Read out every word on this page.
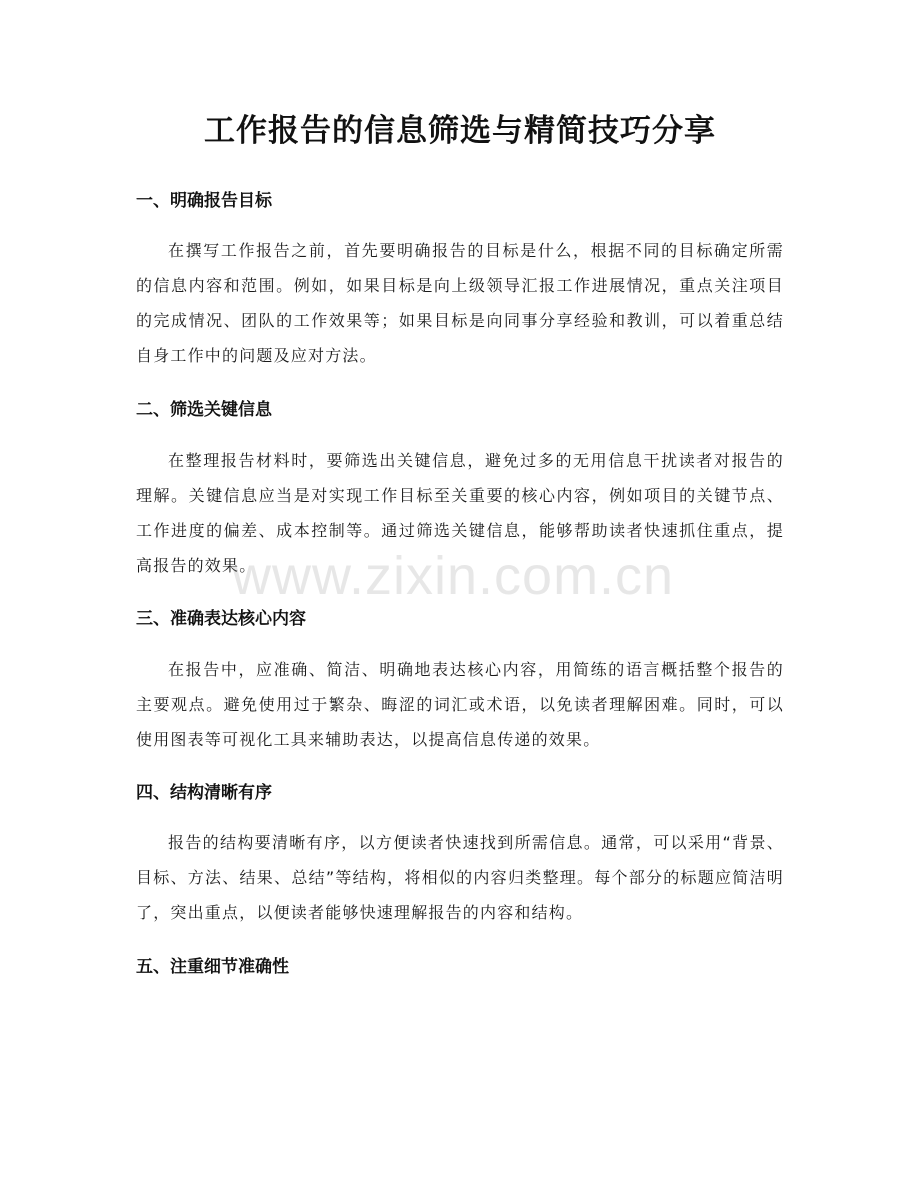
工作报告的信息筛选与精简技巧分享
一、明确报告目标
在撰写工作报告之前，首先要明确报告的目标是什么，根据不同的目标确定所需的信息内容和范围。例如，如果目标是向上级领导汇报工作进展情况，重点关注项目的完成情况、团队的工作效果等；如果目标是向同事分享经验和教训，可以着重总结自身工作中的问题及应对方法。
二、筛选关键信息
在整理报告材料时，要筛选出关键信息，避免过多的无用信息干扰读者对报告的理解。关键信息应当是对实现工作目标至关重要的核心内容，例如项目的关键节点、工作进度的偏差、成本控制等。通过筛选关键信息，能够帮助读者快速抓住重点，提高报告的效果。
三、准确表达核心内容
在报告中，应准确、简洁、明确地表达核心内容，用简练的语言概括整个报告的主要观点。避免使用过于繁杂、晦涩的词汇或术语，以免读者理解困难。同时，可以使用图表等可视化工具来辅助表达，以提高信息传递的效果。
四、结构清晰有序
报告的结构要清晰有序，以方便读者快速找到所需信息。通常，可以采用“背景、目标、方法、结果、总结”等结构，将相似的内容归类整理。每个部分的标题应简洁明了，突出重点，以便读者能够快速理解报告的内容和结构。
五、注重细节准确性
www.zixin.com.cn
